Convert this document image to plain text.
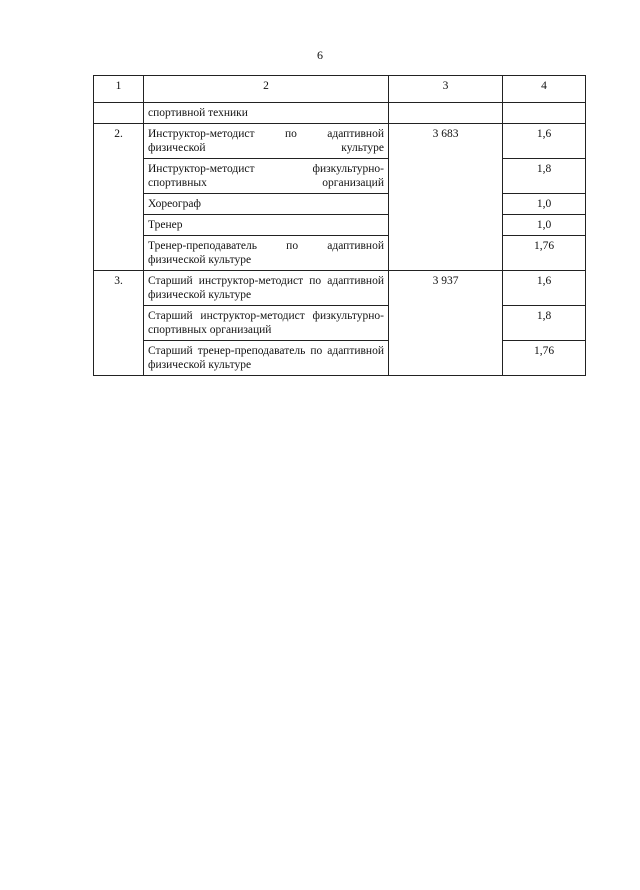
6
1	2	3	4
	спортивной техники		
2.	Инструктор-методист по адаптивной физической культуре	3 683	1,6
	Инструктор-методист физкультурно-спортивных организаций		1,8
	Хореограф		1,0
	Тренер		1,0
	Тренер-преподаватель по адаптивной физической культуре		1,76
3.	Старший инструктор-методист по адаптивной физической культуре	3 937	1,6
	Старший инструктор-методист физкультурно-спортивных организаций		1,8
	Старший тренер-преподаватель по адаптивной физической культуре		1,76
